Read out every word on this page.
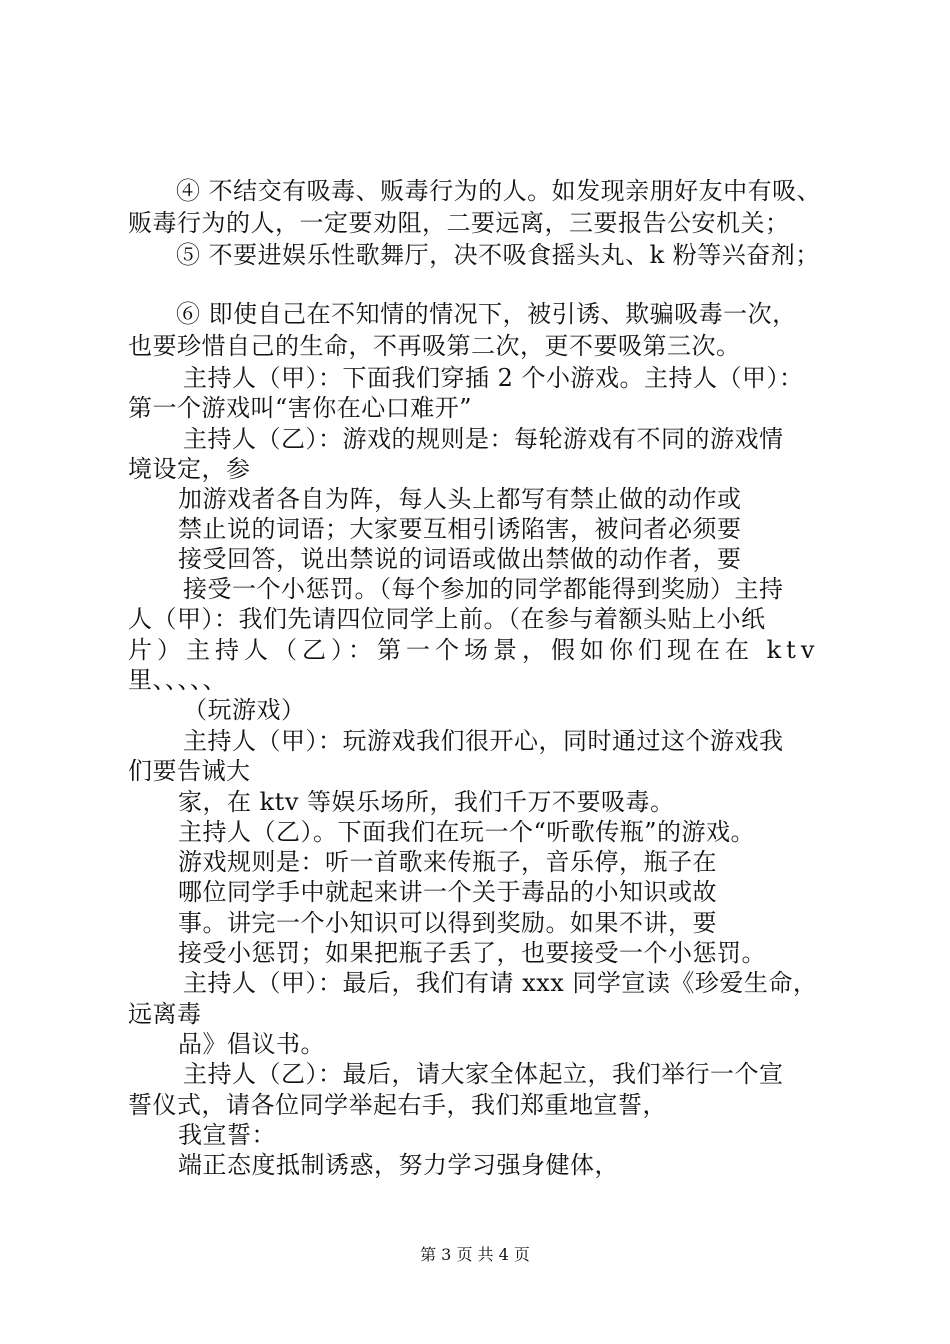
④ 不结交有吸毒、贩毒行为的人。如发现亲朋好友中有吸、
贩毒行为的人，一定要劝阻，二要远离，三要报告公安机关；
⑤ 不要进娱乐性歌舞厅，决不吸食摇头丸、k 粉等兴奋剂；
⑥ 即使自己在不知情的情况下，被引诱、欺骗吸毒一次，
也要珍惜自己的生命，不再吸第二次，更不要吸第三次。
主持人（甲）：下面我们穿插 2 个小游戏。主持人（甲）：
第一个游戏叫“害你在心口难开”
主持人（乙）：游戏的规则是：每轮游戏有不同的游戏情
境设定，参
加游戏者各自为阵，每人头上都写有禁止做的动作或
禁止说的词语；大家要互相引诱陷害，被问者必须要
接受回答，说出禁说的词语或做出禁做的动作者，要
接受一个小惩罚。（每个参加的同学都能得到奖励）主持
人（甲）：我们先请四位同学上前。（在参与着额头贴上小纸
片）主持人（乙）：第一个场景，假如你们现在在 ktv
里、、、、、
（玩游戏）
主持人（甲）：玩游戏我们很开心，同时通过这个游戏我
们要告诫大
家，在 ktv 等娱乐场所，我们千万不要吸毒。
主持人（乙）。下面我们在玩一个“听歌传瓶”的游戏。
游戏规则是：听一首歌来传瓶子，音乐停，瓶子在
哪位同学手中就起来讲一个关于毒品的小知识或故
事。讲完一个小知识可以得到奖励。如果不讲，要
接受小惩罚；如果把瓶子丢了，也要接受一个小惩罚。
主持人（甲）：最后，我们有请 xxx 同学宣读《珍爱生命，
远离毒
品》倡议书。
主持人（乙）：最后，请大家全体起立，我们举行一个宣
誓仪式，请各位同学举起右手，我们郑重地宣誓，
我宣誓：
端正态度抵制诱惑，努力学习强身健体，
第 3 页 共 4 页
